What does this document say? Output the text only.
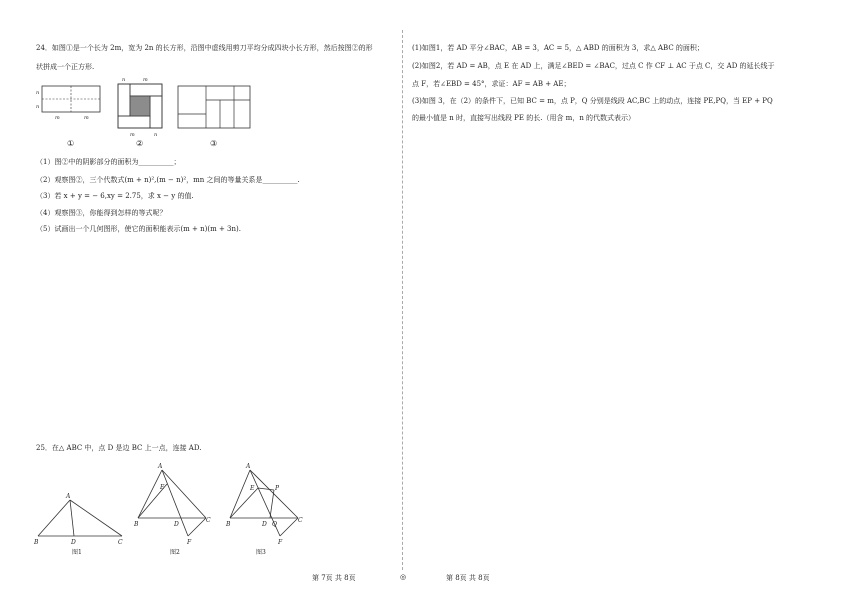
24．如图①是一个长为 2m，宽为 2n 的长方形，沿图中虚线用剪刀平均分成四块小长方形，然后按图②的形
状拼成一个正方形.
n
n
m	m
①
n	m
m	n
②	③
（1）图②中的阴影部分的面积为__________；
（2）观察图②，三个代数式(m + n)²,(m − n)²，mn 之间的等量关系是__________.
（3）若 x + y = − 6,xy = 2.75，求 x − y 的值.
（4）观察图③，你能得到怎样的等式呢？
（5）试画出一个几何图形，使它的面积能表示(m + n)(m + 3n).
25．在△ ABC 中，点 D 是边 BC 上一点，连接 AD.
A
B	D	C
图1
A
E
B	D
C
F
图2
A
E	P
B	D Q
C
F
图3
(1)如图1，若 AD 平分∠BAC，AB = 3，AC = 5，△ ABD 的面积为 3，求△ ABC 的面积；
(2)如图2，若 AD = AB，点 E 在 AD 上，满足∠BED = ∠BAC，过点 C 作 CF ⊥ AC 于点 C，交 AD 的延长线于
点 F，若∠EBD = 45°，求证：AF = AB + AE；
(3)如图 3，在（2）的条件下，已知 BC = m，点 P，Q 分别是线段 AC,BC 上的动点，连接 PE,PQ，当 EP + PQ
的最小值是 n 时，直接写出线段 PE 的长.（用含 m，n 的代数式表示）
第 7页 共 8页	◎	第 8页 共 8页
